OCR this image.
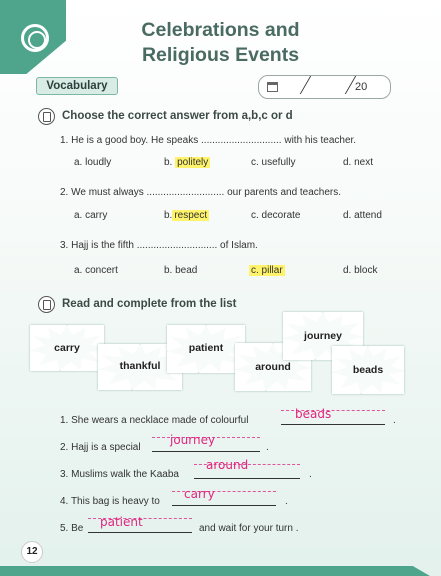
Celebrations and
Religious Events
Vocabulary	20
Choose the correct answer from a,b,c or d
1. He is a good boy. He speaks ............................. with his teacher.
a. loudly	b. politely	c. usefully	d. next
2. We must always ............................ our parents and teachers.
a. carry	b. respect	c. decorate	d. attend
3. Hajj is the fifth ............................. of Islam.
a. concert	b. bead	c. pillar	d. block
Read and complete from the list
carry
thankful
patient
around
journey
beads
1. She wears a necklace made of colourful	beads	.
2. Hajj is a special
journey
.
3. Muslims walk the Kaaba
around
.
4. This bag is heavy to
carry
.
5. Be patient	and wait for your turn .
12
